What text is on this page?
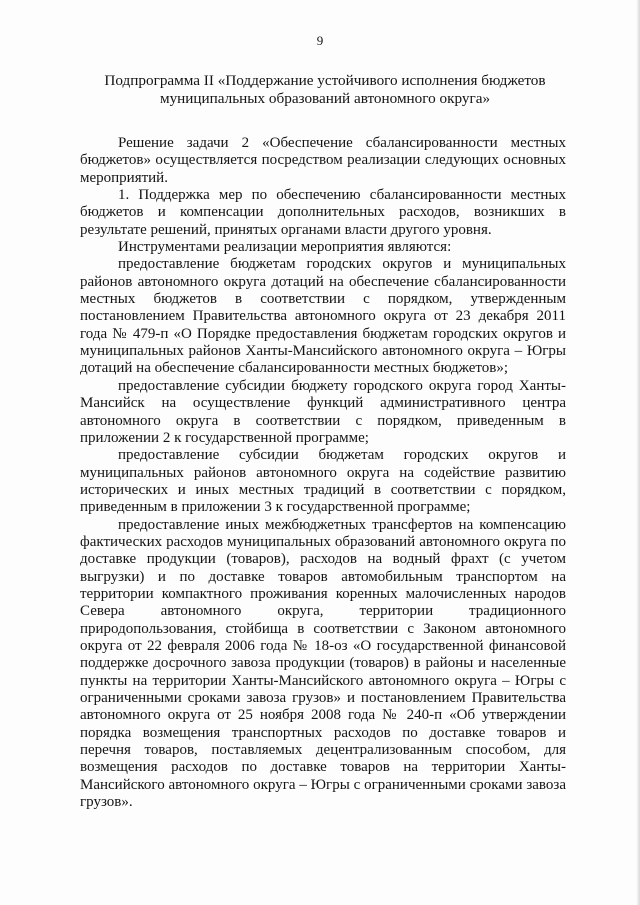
9
Подпрограмма II «Поддержание устойчивого исполнения бюджетов муниципальных образований автономного округа»

Решение задачи 2 «Обеспечение сбалансированности местных бюджетов» осуществляется посредством реализации следующих основных мероприятий.

1. Поддержка мер по обеспечению сбалансированности местных бюджетов и компенсации дополнительных расходов, возникших в результате решений, принятых органами власти другого уровня.

Инструментами реализации мероприятия являются:

предоставление бюджетам городских округов и муниципальных районов автономного округа дотаций на обеспечение сбалансированности местных бюджетов в соответствии с порядком, утвержденным постановлением Правительства автономного округа от 23 декабря 2011 года № 479-п «О Порядке предоставления бюджетам городских округов и муниципальных районов Ханты-Мансийского автономного округа – Югры дотаций на обеспечение сбалансированности местных бюджетов»;

предоставление субсидии бюджету городского округа город Ханты-Мансийск на осуществление функций административного центра автономного округа в соответствии с порядком, приведенным в приложении 2 к государственной программе;

предоставление субсидии бюджетам городских округов и муниципальных районов автономного округа на содействие развитию исторических и иных местных традиций в соответствии с порядком, приведенным в приложении 3 к государственной программе;

предоставление иных межбюджетных трансфертов на компенсацию фактических расходов муниципальных образований автономного округа по доставке продукции (товаров), расходов на водный фрахт (с учетом выгрузки) и по доставке товаров автомобильным транспортом на территории компактного проживания коренных малочисленных народов Севера автономного округа, территории традиционного природопользования, стойбища в соответствии с Законом автономного округа от 22 февраля 2006 года № 18-оз «О государственной финансовой поддержке досрочного завоза продукции (товаров) в районы и населенные пункты на территории Ханты-Мансийского автономного округа – Югры с ограниченными сроками завоза грузов» и постановлением Правительства автономного округа от 25 ноября 2008 года № 240-п «Об утверждении порядка возмещения транспортных расходов по доставке товаров и перечня товаров, поставляемых децентрализованным способом, для возмещения расходов по доставке товаров на территории Ханты-Мансийского автономного округа – Югры с ограниченными сроками завоза грузов».
